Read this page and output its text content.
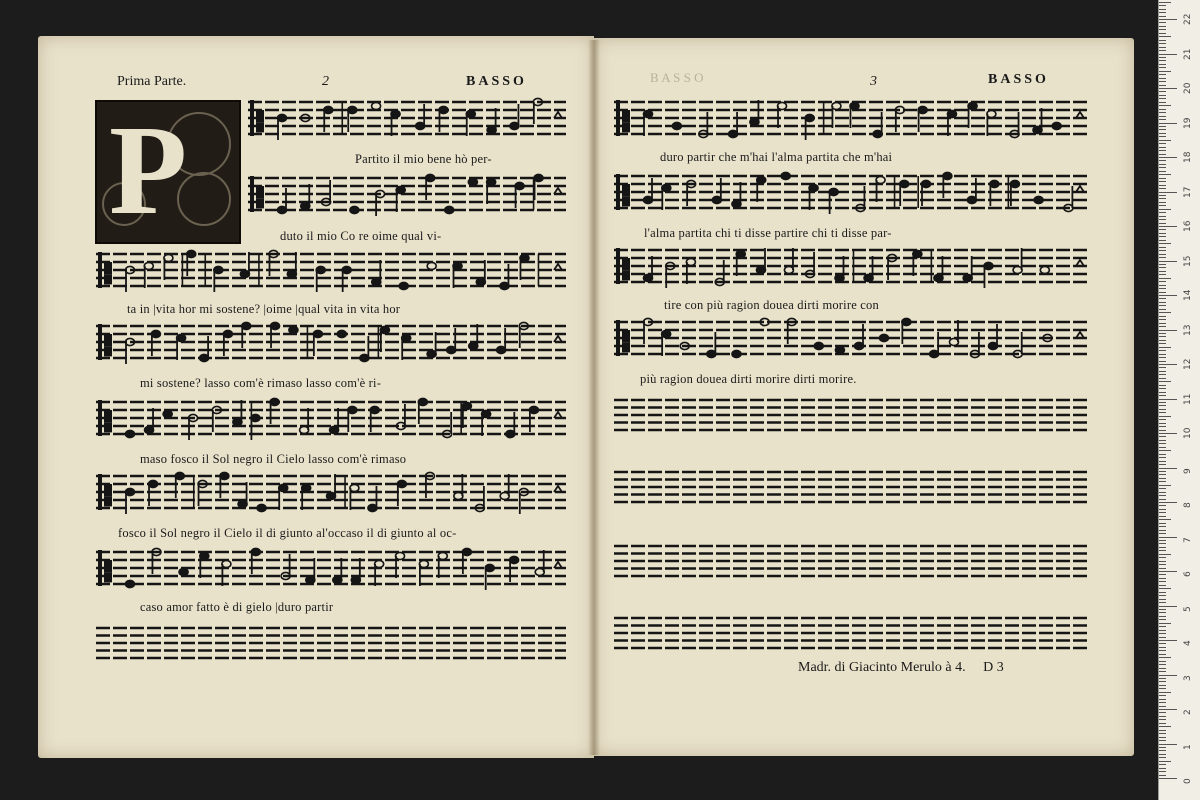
B A S S O
Prima Parte.	2	BASSO
P
3	BASSO
Partito il mio bene hò per-
duto il mio Co re oime qual vi-
ta in |vita hor mi sostene? |oime |qual vita in vita hor
mi sostene? lasso com'è rimaso lasso com'è ri-
maso fosco il Sol negro il Cielo lasso com'è rimaso
fosco il Sol negro il Cielo il di giunto al'occaso il di giunto al oc-
caso amor fatto è di gielo |duro partir
duro partir che m'hai l'alma partita che m'hai
l'alma partita chi ti disse partire chi ti disse par-
tire con più ragion douea dirti morire con
più ragion douea dirti morire dirti morire.
Madr. di Giacinto Merulo à 4. D 3
0
1
2
3
4
5
6
7
8
9
10
11
12
13
14
15
16
17
18
19
20
21
22
